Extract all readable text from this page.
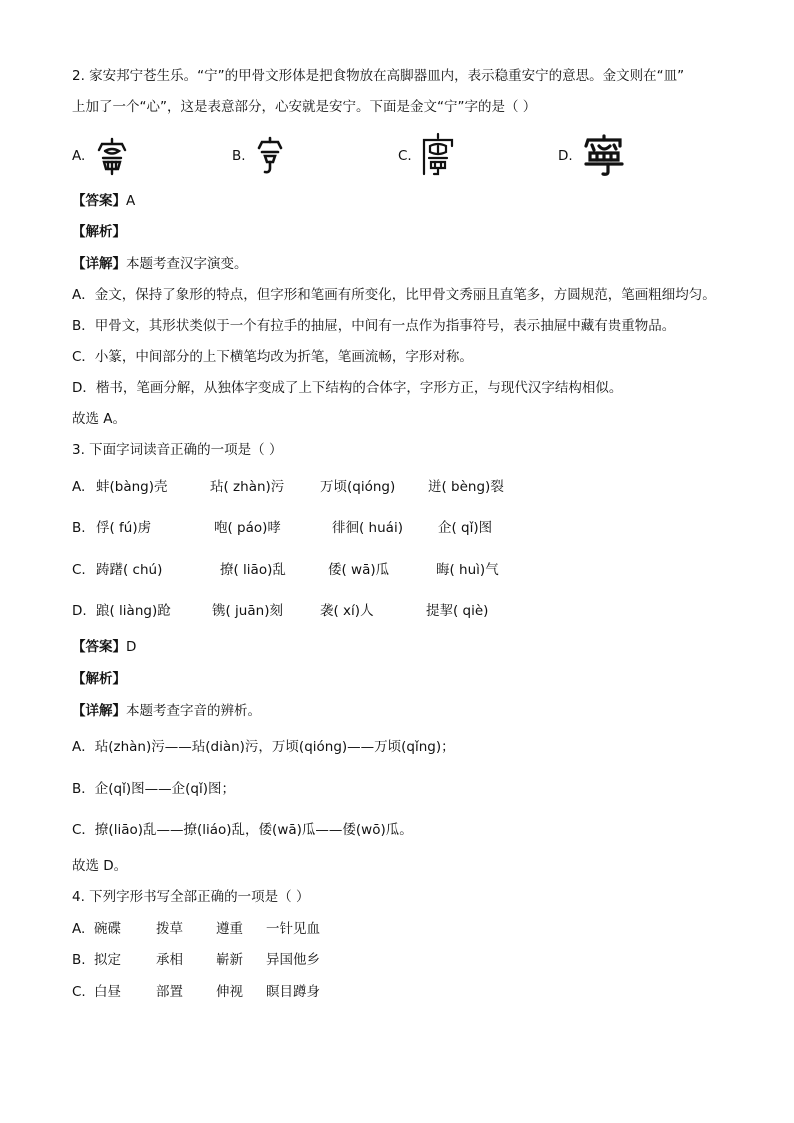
2. 家安邦宁苍生乐。“宁”的甲骨文形体是把食物放在高脚器皿内，表示稳重安宁的意思。金文则在“皿”
上加了一个“心”，这是表意部分，心安就是安宁。下面是金文“宁”字的是（ ）
A.	B.	C.	D.
【答案】A
【解析】
【详解】本题考查汉字演变。
A．金文，保持了象形的特点，但字形和笔画有所变化，比甲骨文秀丽且直笔多，方圆规范，笔画粗细均匀。
B．甲骨文，其形状类似于一个有拉手的抽屉，中间有一点作为指事符号，表示抽屉中藏有贵重物品。
C．小篆，中间部分的上下横笔均改为折笔，笔画流畅，字形对称。
D．楷书，笔画分解，从独体字变成了上下结构的合体字，字形方正，与现代汉字结构相似。
故选 A。
3. 下面字词读音正确的一项是（ ）
A. 蚌(bàng)壳	玷( zhàn)污	万顷(qióng) 迸( bèng)裂
B. 俘( fú)虏	咆( páo)哮	徘徊( huái)	企( qǐ)图
C. 踌躇( chú)	撩( liāo)乱	倭( wā)瓜	晦( huì)气
D. 踉( liàng)跄	镌( juān)刻	袭( xí)人	提挈( qiè)
【答案】D
【解析】
【详解】本题考查字音的辨析。
A．玷(zhàn)污——玷(diàn)污，万顷(qióng)——万顷(qǐng)；
B．企(qǐ)图——企(qǐ)图；
C．撩(liāo)乱——撩(liáo)乱，倭(wā)瓜——倭(wō)瓜。
故选 D。
4. 下列字形书写全部正确的一项是（ ）
A. 碗碟	拨草 遵重 一针见血
B. 拟定	承相 嶄新 异国他乡
C. 白昼	部置 伸视 瞑目蹲身
